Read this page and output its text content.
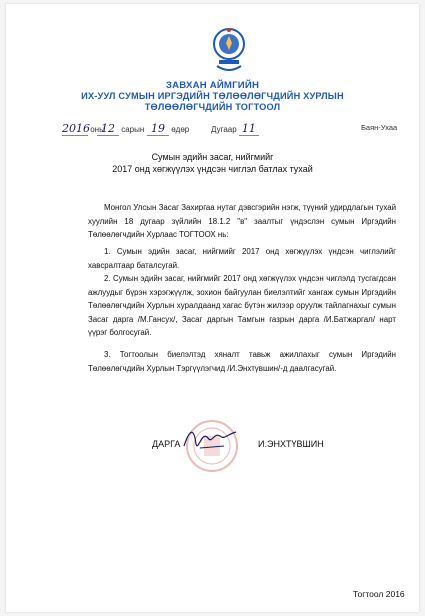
ЗАВХАН АЙМГИЙН
ИХ-УУЛ СУМЫН ИРГЭДИЙН ТӨЛӨӨЛӨГЧДИЙН ХУРЛЫН
ТӨЛӨӨЛӨГЧДИЙН ТОГТООЛ
2016 оны
12 сарын 19 өдөр	Дугаар 11	Баян-Ухаа
Сумын эдийн засаг, нийгмийг
2017 онд хөгжүүлэх үндсэн чиглэл батлах тухай
Монгол Улсын Засаг Захиргаа нутаг дэвсгэрийн нэгж, түүний удирдлагын тухай хуулийн 18 дугаар зүйлийн 18.1.2 "в" заалтыг үндэслэн сумын Иргэдийн Төлөөлөгчдийн Хурлаас ТОГТООХ нь:
1. Сумын эдийн засаг, нийгмийг 2017 онд хөгжүүлэх үндсэн чиглэлийг хавсралтаар баталсугай.
2. Сумын эдийн засаг, нийгмийг 2017 онд хөгжүүлэх үндсэн чиглэлд тусгагдсан ажлуудыг бүрэн хэрэгжүүлж, зохион байгуулан биелэлтийг хангаж сумын Иргэдийн Төлөөлөгчдийн Хурлын хуралдаанд хагас бүтэн жилээр оруулж тайлагнахыг сумын Засаг дарга /М.Гансух/, Засаг даргын Тамгын газрын дарга /И.Батжаргал/ нарт үүрэг болгосугай.
3. Тогтоолын биелэлтэд хяналт тавьж ажиллахыг сумын Иргэдийн Төлөөлөгчдийн Хурлын Тэргүүлэгчид /И.Энхтүвшин/-д даалгасугай.
ДАРГА	И.ЭНХТҮВШИН
Тогтоол 2016
